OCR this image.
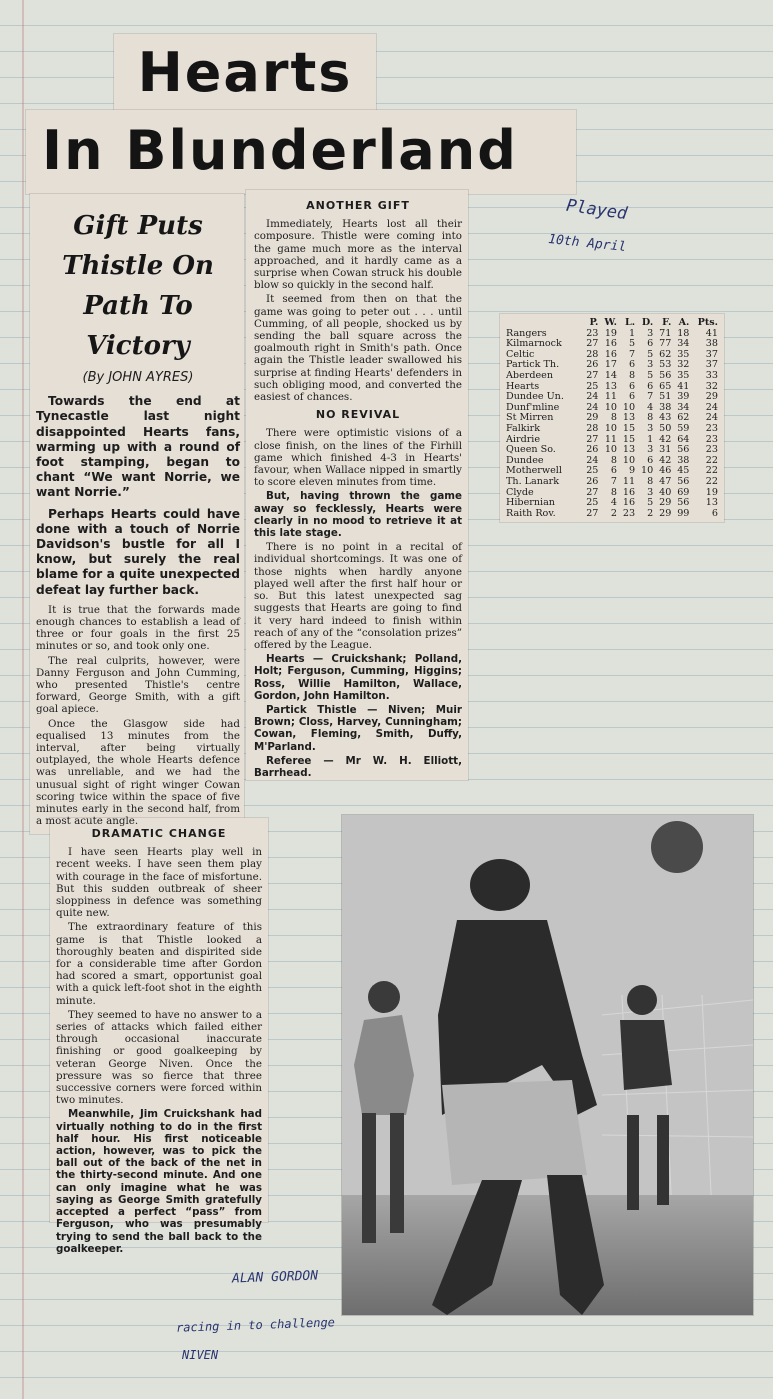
Hearts
In Blunderland
Gift Puts Thistle On Path To Victory
(By JOHN AYRES)

Towards the end at Tynecastle last night disappointed Hearts fans, warming up with a round of foot stamping, began to chant “We want Norrie, we want Norrie.”

Perhaps Hearts could have done with a touch of Norrie Davidson's bustle for all I know, but surely the real blame for a quite unexpected defeat lay further back.

It is true that the forwards made enough chances to establish a lead of three or four goals in the first 25 minutes or so, and took only one.

The real culprits, however, were Danny Ferguson and John Cumming, who presented Thistle's centre forward, George Smith, with a gift goal apiece.

Once the Glasgow side had equalised 13 minutes from the interval, after being virtually outplayed, the whole Hearts defence was unreliable, and we had the unusual sight of right winger Cowan scoring twice within the space of five minutes early in the second half, from a most acute angle.

DRAMATIC CHANGE

I have seen Hearts play well in recent weeks. I have seen them play with courage in the face of misfortune. But this sudden outbreak of sheer sloppiness in defence was something quite new.

The extraordinary feature of this game is that Thistle looked a thoroughly beaten and dispirited side for a considerable time after Gordon had scored a smart, opportunist goal with a quick left-foot shot in the eighth minute.

They seemed to have no answer to a series of attacks which failed either through occasional inaccurate finishing or good goalkeeping by veteran George Niven. Once the pressure was so fierce that three successive corners were forced within two minutes.

Meanwhile, Jim Cruickshank had virtually nothing to do in the first half hour. His first noticeable action, however, was to pick the ball out of the back of the net in the thirty-second minute. And one can only imagine what he was saying as George Smith gratefully accepted a perfect “pass” from Ferguson, who was presumably trying to send the ball back to the goalkeeper.

ANOTHER GIFT

Immediately, Hearts lost all their composure. Thistle were coming into the game much more as the interval approached, and it hardly came as a surprise when Cowan struck his double blow so quickly in the second half.

It seemed from then on that the game was going to peter out . . . until Cumming, of all people, shocked us by sending the ball square across the goalmouth right in Smith's path. Once again the Thistle leader swallowed his surprise at finding Hearts' defenders in such obliging mood, and converted the easiest of chances.

NO REVIVAL

There were optimistic visions of a close finish, on the lines of the Firhill game which finished 4-3 in Hearts' favour, when Wallace nipped in smartly to score eleven minutes from time.

But, having thrown the game away so fecklessly, Hearts were clearly in no mood to retrieve it at this late stage.

There is no point in a recital of individual shortcomings. It was one of those nights when hardly anyone played well after the first half hour or so. But this latest unexpected sag suggests that Hearts are going to find it very hard indeed to finish within reach of any of the “consolation prizes” offered by the League.

Hearts — Cruickshank; Polland, Holt; Ferguson, Cumming, Higgins; Ross, Willie Hamilton, Wallace, Gordon, John Hamilton.

Partick Thistle — Niven; Muir Brown; Closs, Harvey, Cunningham; Cowan, Fleming, Smith, Duffy, M'Parland.

Referee — Mr W. H. Elliott, Barrhead.

Played
10th April
	P.	W.	L.	D.	F.	A.	Pts.
Rangers	23	19	1	3	71	18	41
Kilmarnock	27	16	5	6	77	34	38
Celtic	28	16	7	5	62	35	37
Partick Th.	26	17	6	3	53	32	37
Aberdeen	27	14	8	5	56	35	33
Hearts	25	13	6	6	65	41	32
Dundee Un.	24	11	6	7	51	39	29
Dunf'mline	24	10	10	4	38	34	24
St Mirren	29	8	13	8	43	62	24
Falkirk	28	10	15	3	50	59	23
Airdrie	27	11	15	1	42	64	23
Queen So.	26	10	13	3	31	56	23
Dundee	24	8	10	6	42	38	22
Motherwell	25	6	9	10	46	45	22
Th. Lanark	26	7	11	8	47	56	22
Clyde	27	8	16	3	40	69	19
Hibernian	25	4	16	5	29	56	13
Raith Rov.	27	2	23	2	29	99	6
ALAN GORDON
racing in to challenge
NIVEN
